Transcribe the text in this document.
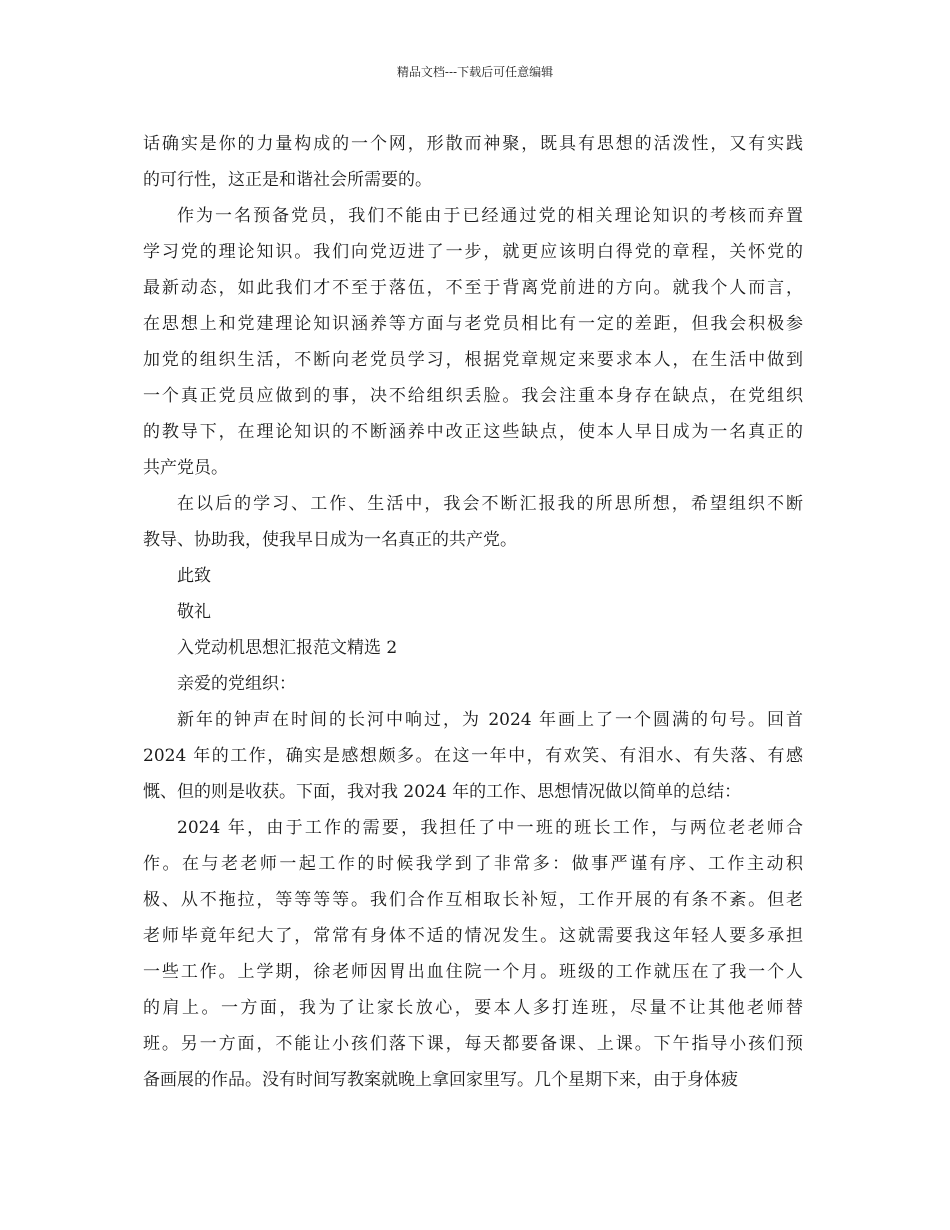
精品文档---下载后可任意编辑
话确实是你的力量构成的一个网，形散而神聚，既具有思想的活泼性，又有实践
的可行性，这正是和谐社会所需要的。
作为一名预备党员，我们不能由于已经通过党的相关理论知识的考核而弃置
学习党的理论知识。我们向党迈进了一步，就更应该明白得党的章程，关怀党的
最新动态，如此我们才不至于落伍，不至于背离党前进的方向。就我个人而言，
在思想上和党建理论知识涵养等方面与老党员相比有一定的差距，但我会积极参
加党的组织生活，不断向老党员学习，根据党章规定来要求本人，在生活中做到
一个真正党员应做到的事，决不给组织丢脸。我会注重本身存在缺点，在党组织
的教导下，在理论知识的不断涵养中改正这些缺点，使本人早日成为一名真正的
共产党员。
在以后的学习、工作、生活中，我会不断汇报我的所思所想，希望组织不断
教导、协助我，使我早日成为一名真正的共产党。
此致
敬礼
入党动机思想汇报范文精选 2
亲爱的党组织：
新年的钟声在时间的长河中响过，为 2024 年画上了一个圆满的句号。回首
2024 年的工作，确实是感想颇多。在这一年中，有欢笑、有泪水、有失落、有感
慨、但的则是收获。下面，我对我 2024 年的工作、思想情况做以简单的总结：
2024 年，由于工作的需要，我担任了中一班的班长工作，与两位老老师合
作。在与老老师一起工作的时候我学到了非常多：做事严谨有序、工作主动积
极、从不拖拉，等等等等。我们合作互相取长补短，工作开展的有条不紊。但老
老师毕竟年纪大了，常常有身体不适的情况发生。这就需要我这年轻人要多承担
一些工作。上学期，徐老师因胃出血住院一个月。班级的工作就压在了我一个人
的肩上。一方面，我为了让家长放心，要本人多打连班，尽量不让其他老师替
班。另一方面，不能让小孩们落下课，每天都要备课、上课。下午指导小孩们预
备画展的作品。没有时间写教案就晚上拿回家里写。几个星期下来，由于身体疲
